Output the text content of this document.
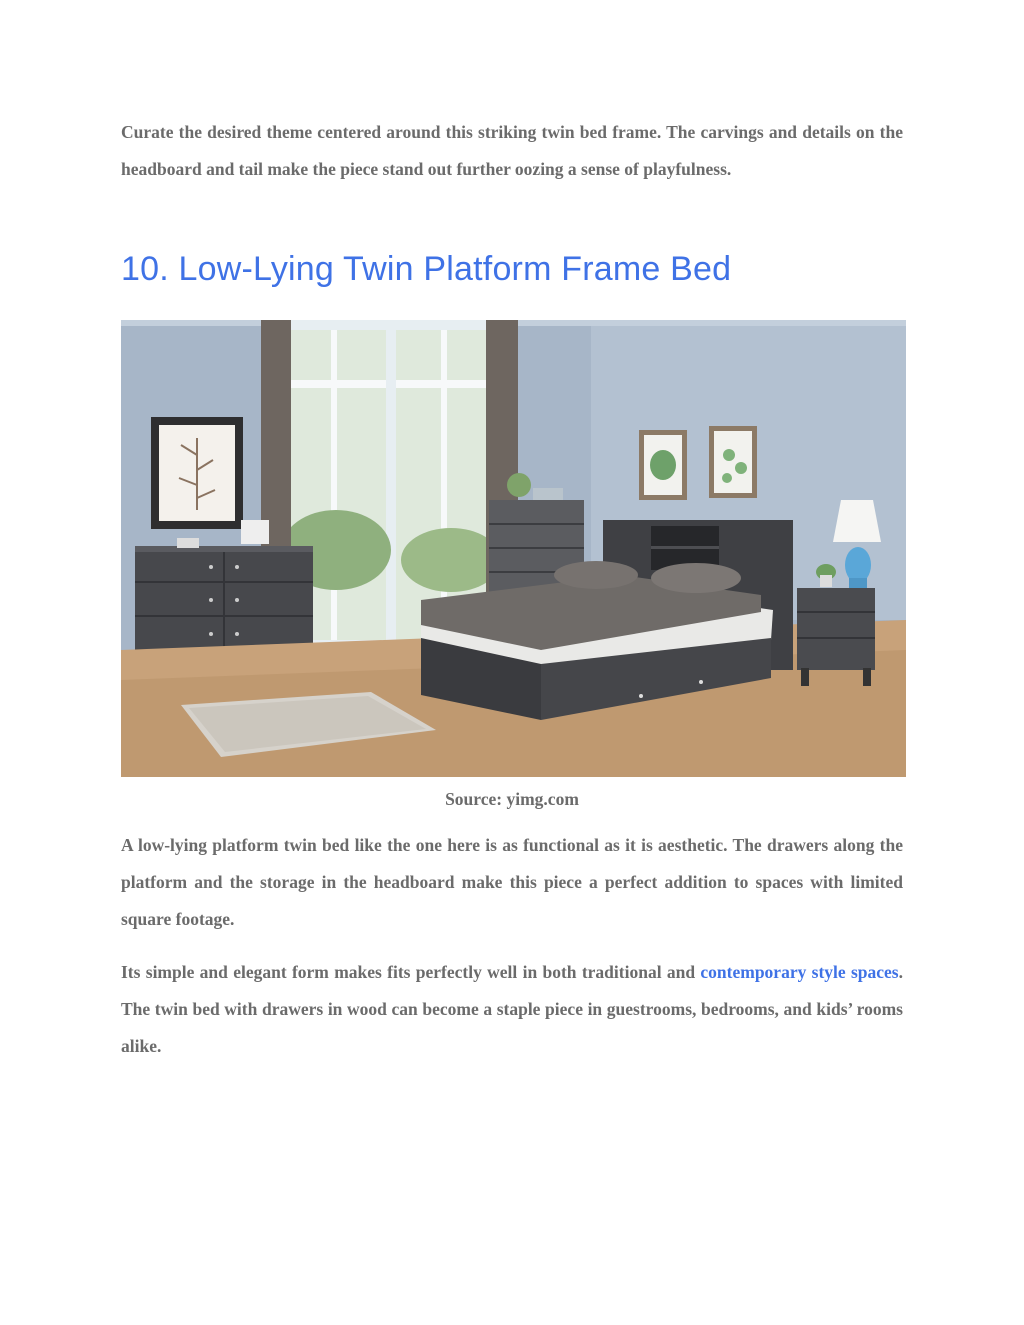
Curate the desired theme centered around this striking twin bed frame. The carvings and details on the headboard and tail make the piece stand out further oozing a sense of playfulness.

10. Low-Lying Twin Platform Frame Bed
Source: yimg.com

A low-lying platform twin bed like the one here is as functional as it is aesthetic. The drawers along the platform and the storage in the headboard make this piece a perfect addition to spaces with limited square footage.

Its simple and elegant form makes fits perfectly well in both traditional and contemporary style spaces. The twin bed with drawers in wood can become a staple piece in guestrooms, bedrooms, and kids’ rooms alike.
